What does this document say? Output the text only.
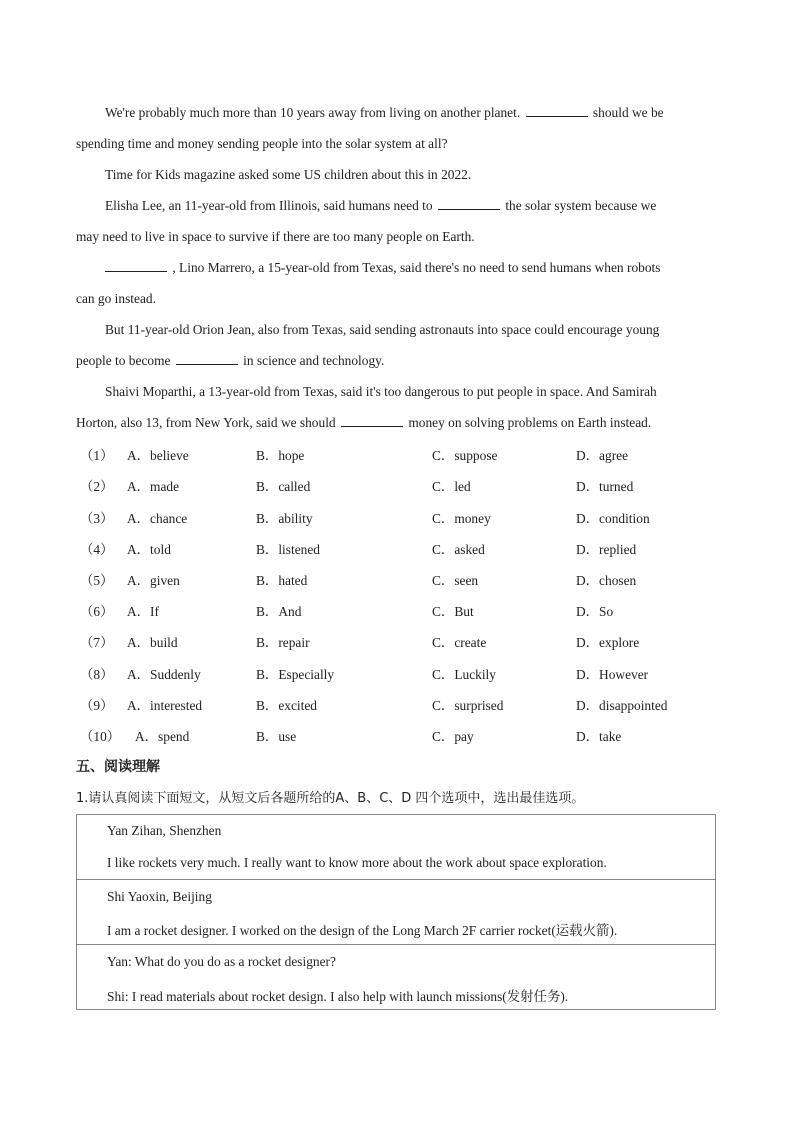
We're probably much more than 10 years away from living on another planet.	should we be
spending time and money sending people into the solar system at all?
Time for Kids magazine asked some US children about this in 2022.
Elisha Lee, an 11-year-old from Illinois, said humans need to	the solar system because we
may need to live in space to survive if there are too many people on Earth.
, Lino Marrero, a 15-year-old from Texas, said there's no need to send humans when robots
can go instead.
But 11-year-old Orion Jean, also from Texas, said sending astronauts into space could encourage young
people to become	in science and technology.
Shaivi Moparthi, a 13-year-old from Texas, said it's too dangerous to put people in space. And Samirah
Horton, also 13, from New York, said we should	money on solving problems on Earth instead.
（1） A．believe	B．hope	C．suppose	D．agree
（2） A．made	B．called	C．led	D．turned
（3） A．chance	B．ability	C．money	D．condition
（4） A．told	B．listened	C．asked	D．replied
（5） A．given	B．hated	C．seen	D．chosen
（6） A．If	B．And	C．But	D．So
（7） A．build	B．repair	C．create	D．explore
（8） A．Suddenly	B．Especially	C．Luckily	D．However
（9） A．interested	B．excited	C．surprised	D．disappointed
（10） A．spend	B．use	C．pay	D．take
五、阅读理解
1.请认真阅读下面短文，从短文后各题所给的A、B、C、D 四个选项中，选出最佳选项。
Yan Zihan, Shenzhen
I like rockets very much. I really want to know more about the work about space exploration.
Shi Yaoxin, Beijing
I am a rocket designer. I worked on the design of the Long March 2F carrier rocket(运载火箭).
Yan: What do you do as a rocket designer?
Shi: I read materials about rocket design. I also help with launch missions(发射任务).
